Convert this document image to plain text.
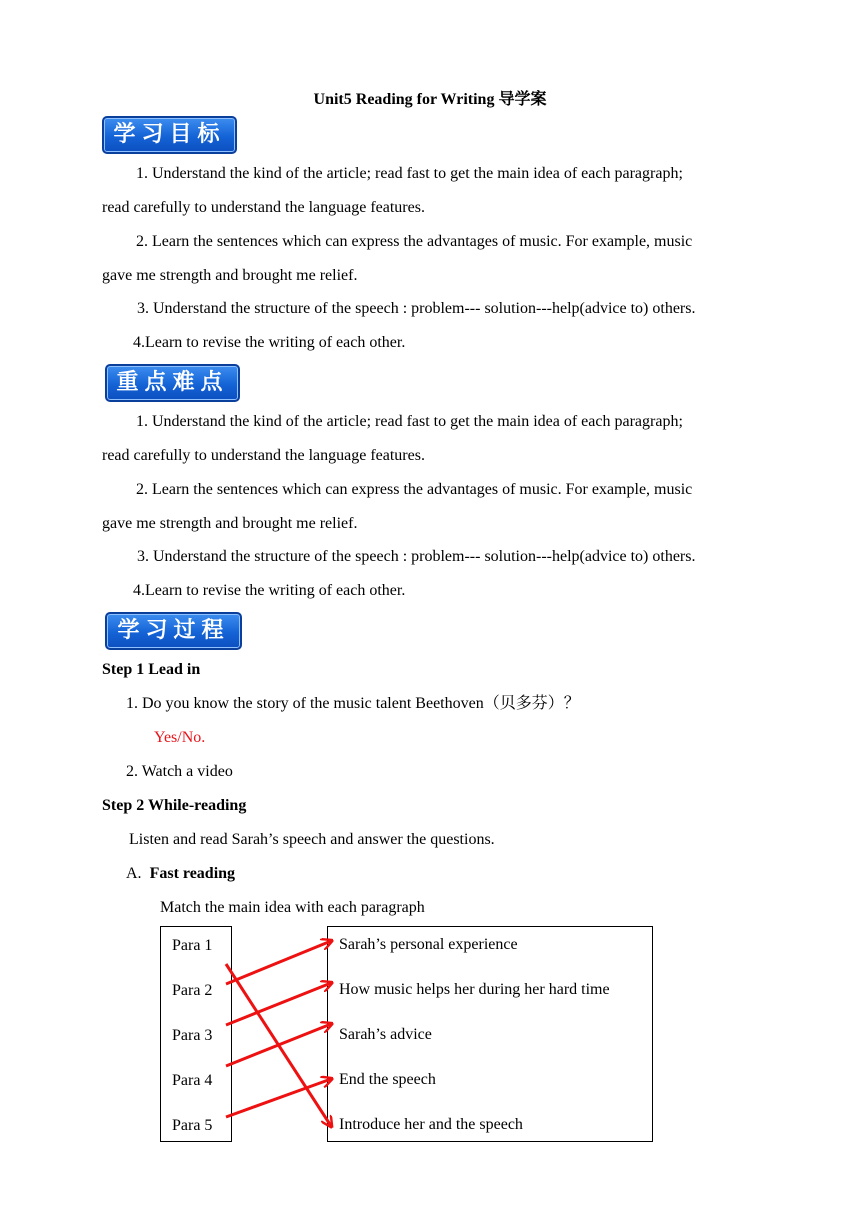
Unit5 Reading for Writing 导学案
学习目标
1. Understand the kind of the article; read fast to get the main idea of each paragraph;
read carefully to understand the language features.
2. Learn the sentences which can express the advantages of music. For example, music
gave me strength and brought me relief.
3. Understand the structure of the speech : problem--- solution---help(advice to) others.
4.Learn to revise the writing of each other.
重点难点
1. Understand the kind of the article; read fast to get the main idea of each paragraph;
read carefully to understand the language features.
2. Learn the sentences which can express the advantages of music. For example, music
gave me strength and brought me relief.
3. Understand the structure of the speech : problem--- solution---help(advice to) others.
4.Learn to revise the writing of each other.
学习过程
Step 1 Lead in
1. Do you know the story of the music talent Beethoven（贝多芬）？
Yes/No.
2. Watch a video
Step 2 While-reading
Listen and read Sarah’s speech and answer the questions.
A. Fast reading
Match the main idea with each paragraph
Para 1
Para 2
Para 3
Para 4
Para 5
Sarah’s personal experience
How music helps her during her hard time
Sarah’s advice
End the speech
Introduce her and the speech
